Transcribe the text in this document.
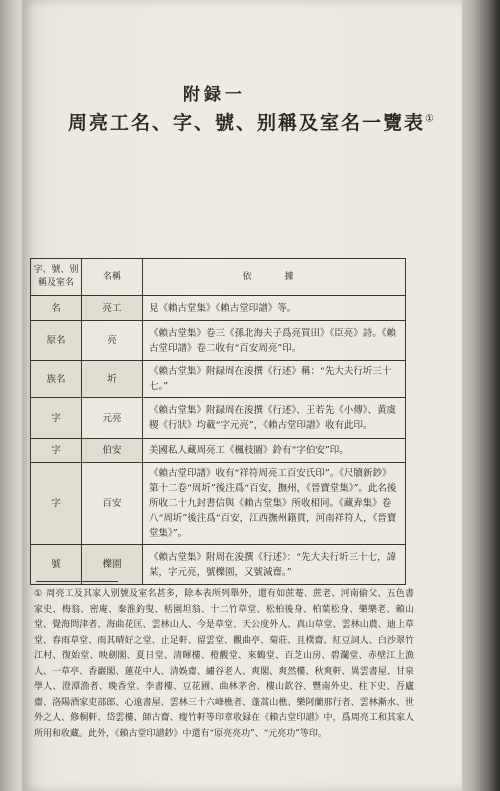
附録一
周亮工名、字、號、别稱及室名一覽表①
字、號、别稱及室名	名稱	依　據
名	亮工	見《賴古堂集》《賴古堂印譜》等。
原名	亮	《賴古堂集》卷三《孫北海夫子爲亮買田》《臣亮》詩。《賴古堂印譜》卷二收有“百安周亮”印。
族名	圻	《賴古堂集》附録周在浚撰《行述》稱：“先大夫行圻三十七。”
字	元亮	《賴古堂集》附録周在浚撰《行述》、王若先《小傳》、黄虞稷《行狀》均載“字元亮”，《賴古堂印譜》收有此印。
字	伯安	美國私人藏周亮工《楓枝圖》鈴有“字伯安”印。
字	百安	《賴古堂印譜》收有“祥符周亮工百安氏印”。《尺牘新鈔》第十二卷“周圻”後注爲“百安，撫州，《晉寶堂集》”。此名後所收二十九封書信與《賴古堂集》所收相同。《藏弆集》卷八“周圻”後注爲“百安，江西撫州籍貫，河南祥符人，《晉寶堂集》”。
號	櫟園	《賴古堂集》附周在浚撰《行述》：“先大夫行圻三十七，諱某，字元亮，號櫟園，又號減齋。”
① 周亮工及其家人别號及室名甚多，除本表所列舉外，還有如蔗菴、蔗老、河南偷父、五色書家史、梅翁、密庵、秦淮釣叟、栝園坦翁、十二竹草堂、松柏後身、柏葉松身、樂樂老、賴山堂、覺海問津者、海曲花匡、雲林山人、今是草堂、天公度外人、真山草堂、雲林山農、迪上草堂、春雨草堂、雨其晴好之堂、止足軒、留雲堂、觀曲亭、菊莊、且樸齋、紅豆詞人、白沙翠竹江村、復始堂、映劍閣、夏日堂、清暉樓、橙觀堂、來鶴堂、百芝山房、碧瀾堂、赤壁江上漁人、一草亭、香巖閣、蓮花中人、清娛齋、繡谷老人、爽閣、爽然樓、秋爽軒、異雲書屋、甘泉學人、澄潭漁者、晚香堂、李書樓、豆花圃、曲林茅舍、樓山欽谷、豐南外史、柱下史、吾廬齋、洛陽酒家吏部郎、心遠書屋、雲林三十六峰樵者、蓬蒿山樵、樂阿蘭那行者、雲林漸水、世外之人、修桐軒、岱雲樓、師古齋、瘦竹軒等印章收録在《賴古堂印譜》中，爲周亮工和其家人所用和收藏。此外，《賴古堂印譜鈔》中還有“原亮亮功”、“元亮功”等印。
